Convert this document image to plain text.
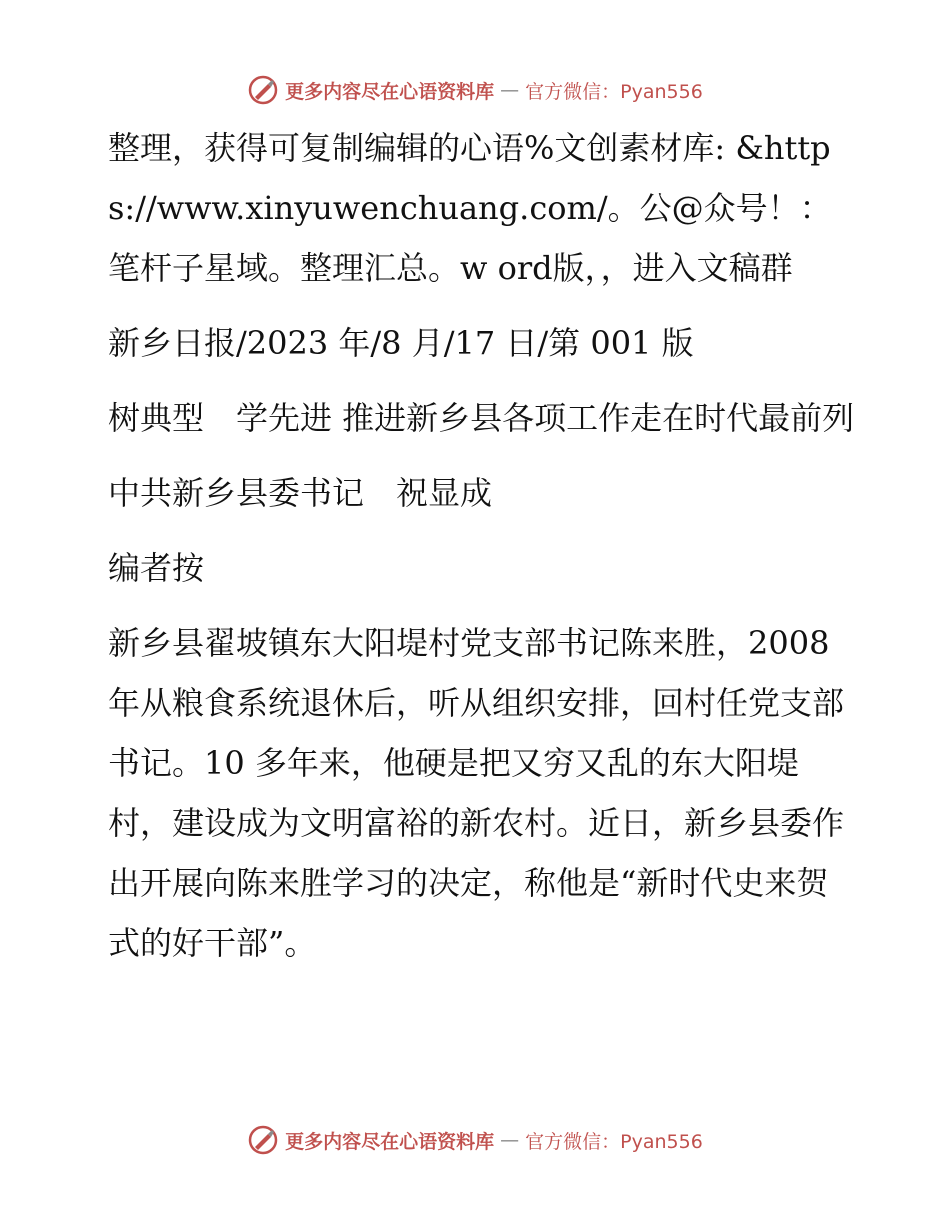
更多内容尽在心语资料库 — 官方微信：Pyan556

整理，获得可复制编辑的心语%文创素材库: &https://www.xinyuwenchuang.com/。公@众号！：笔杆子星域。整理汇总。w ord版，，进入文稿群

新乡日报/2023 年/8 月/17 日/第 001 版

树典型　学先进 推进新乡县各项工作走在时代最前列

中共新乡县委书记　祝显成

编者按

新乡县翟坡镇东大阳堤村党支部书记陈来胜，2008 年从粮食系统退休后，听从组织安排，回村任党支部书记。10 多年来，他硬是把又穷又乱的东大阳堤村，建设成为文明富裕的新农村。近日，新乡县委作出开展向陈来胜学习的决定，称他是“新时代史来贺式的好干部”。

更多内容尽在心语资料库 — 官方微信：Pyan556
